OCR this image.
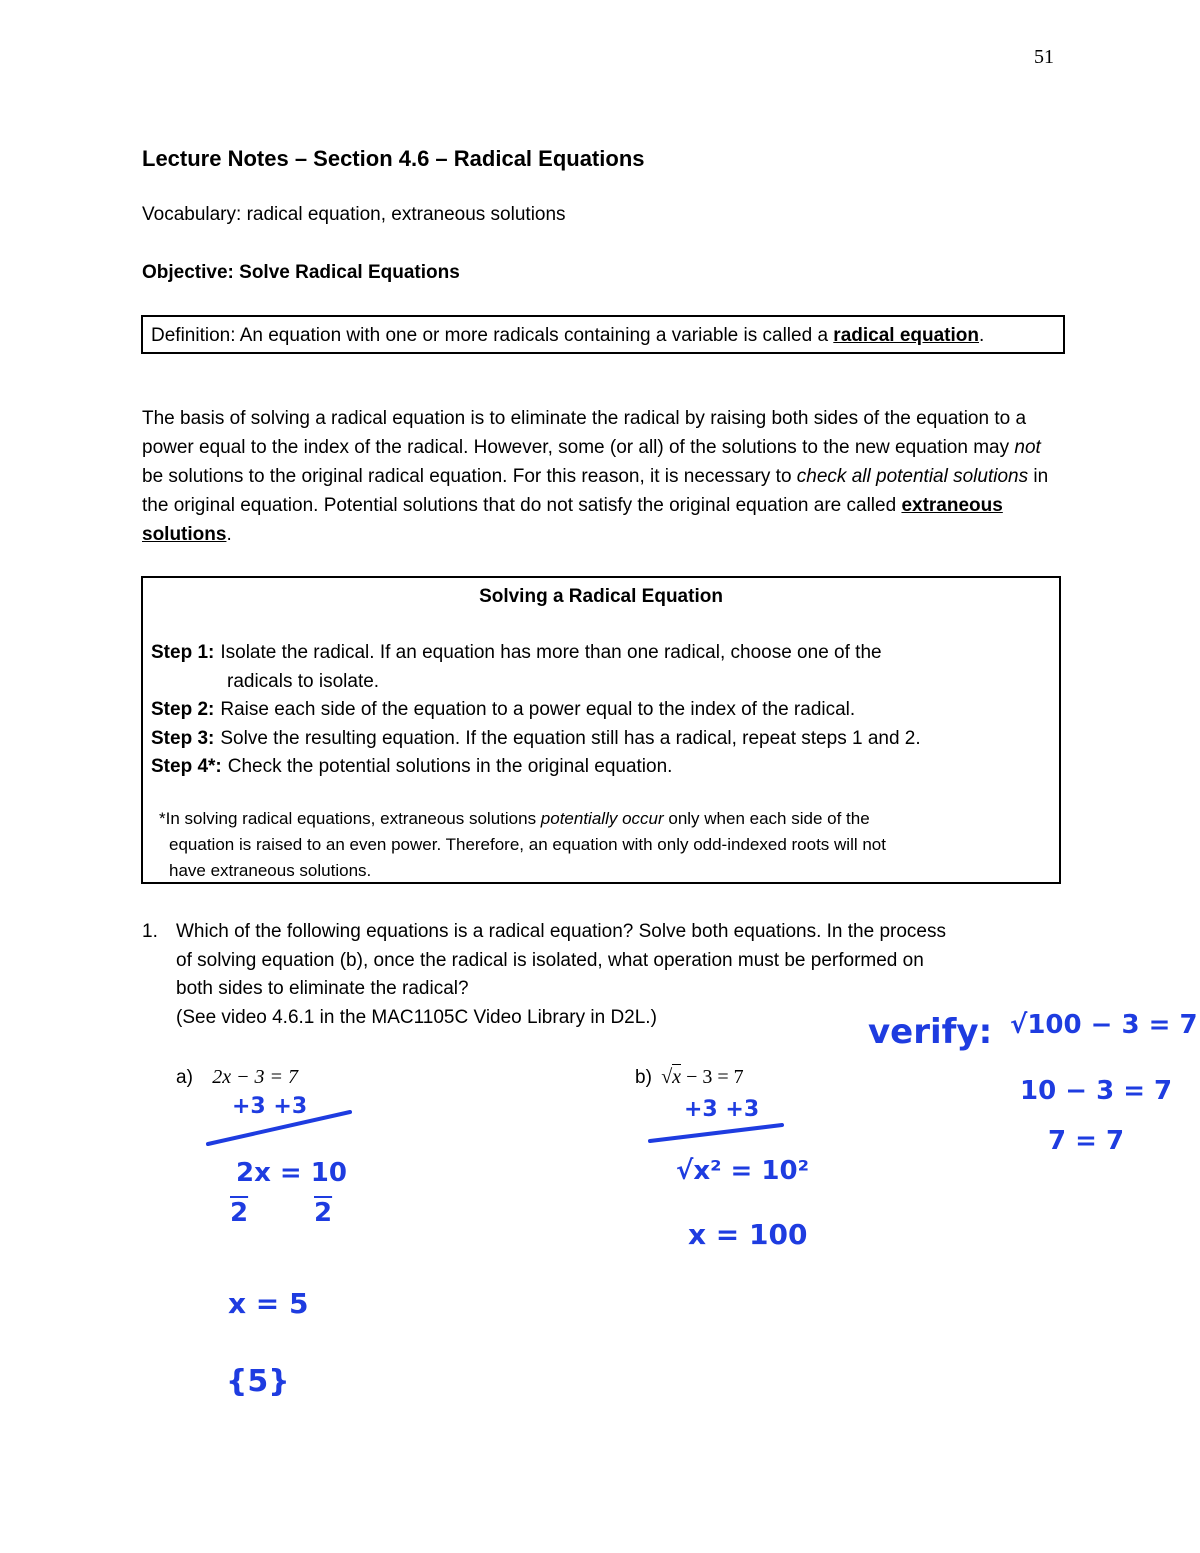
51
Lecture Notes – Section 4.6 – Radical Equations
Vocabulary: radical equation, extraneous solutions
Objective: Solve Radical Equations
Definition: An equation with one or more radicals containing a variable is called a radical equation.
The basis of solving a radical equation is to eliminate the radical by raising both sides of the equation to a power equal to the index of the radical. However, some (or all) of the solutions to the new equation may not be solutions to the original radical equation. For this reason, it is necessary to check all potential solutions in the original equation. Potential solutions that do not satisfy the original equation are called extraneous solutions.
Solving a Radical Equation
Step 1: Isolate the radical. If an equation has more than one radical, choose one of the
radicals to isolate.
Step 2: Raise each side of the equation to a power equal to the index of the radical.
Step 3: Solve the resulting equation. If the equation still has a radical, repeat steps 1 and 2.
Step 4*: Check the potential solutions in the original equation.
*In solving radical equations, extraneous solutions potentially occur only when each side of the
equation is raised to an even power. Therefore, an equation with only odd-indexed roots will not
have extraneous solutions.
1. Which of the following equations is a radical equation? Solve both equations. In the process
of solving equation (b), once the radical is isolated, what operation must be performed on
both sides to eliminate the radical?
(See video 4.6.1 in the MAC1105C Video Library in D2L.)
a) 2x − 3 = 7	b) √x − 3 = 7
+3 +3
2x = 10
2	2
x = 5
{5}
+3 +3
√x² = 10²
x = 100
verify: √100 − 3 = 7
10 − 3 = 7
7 = 7
